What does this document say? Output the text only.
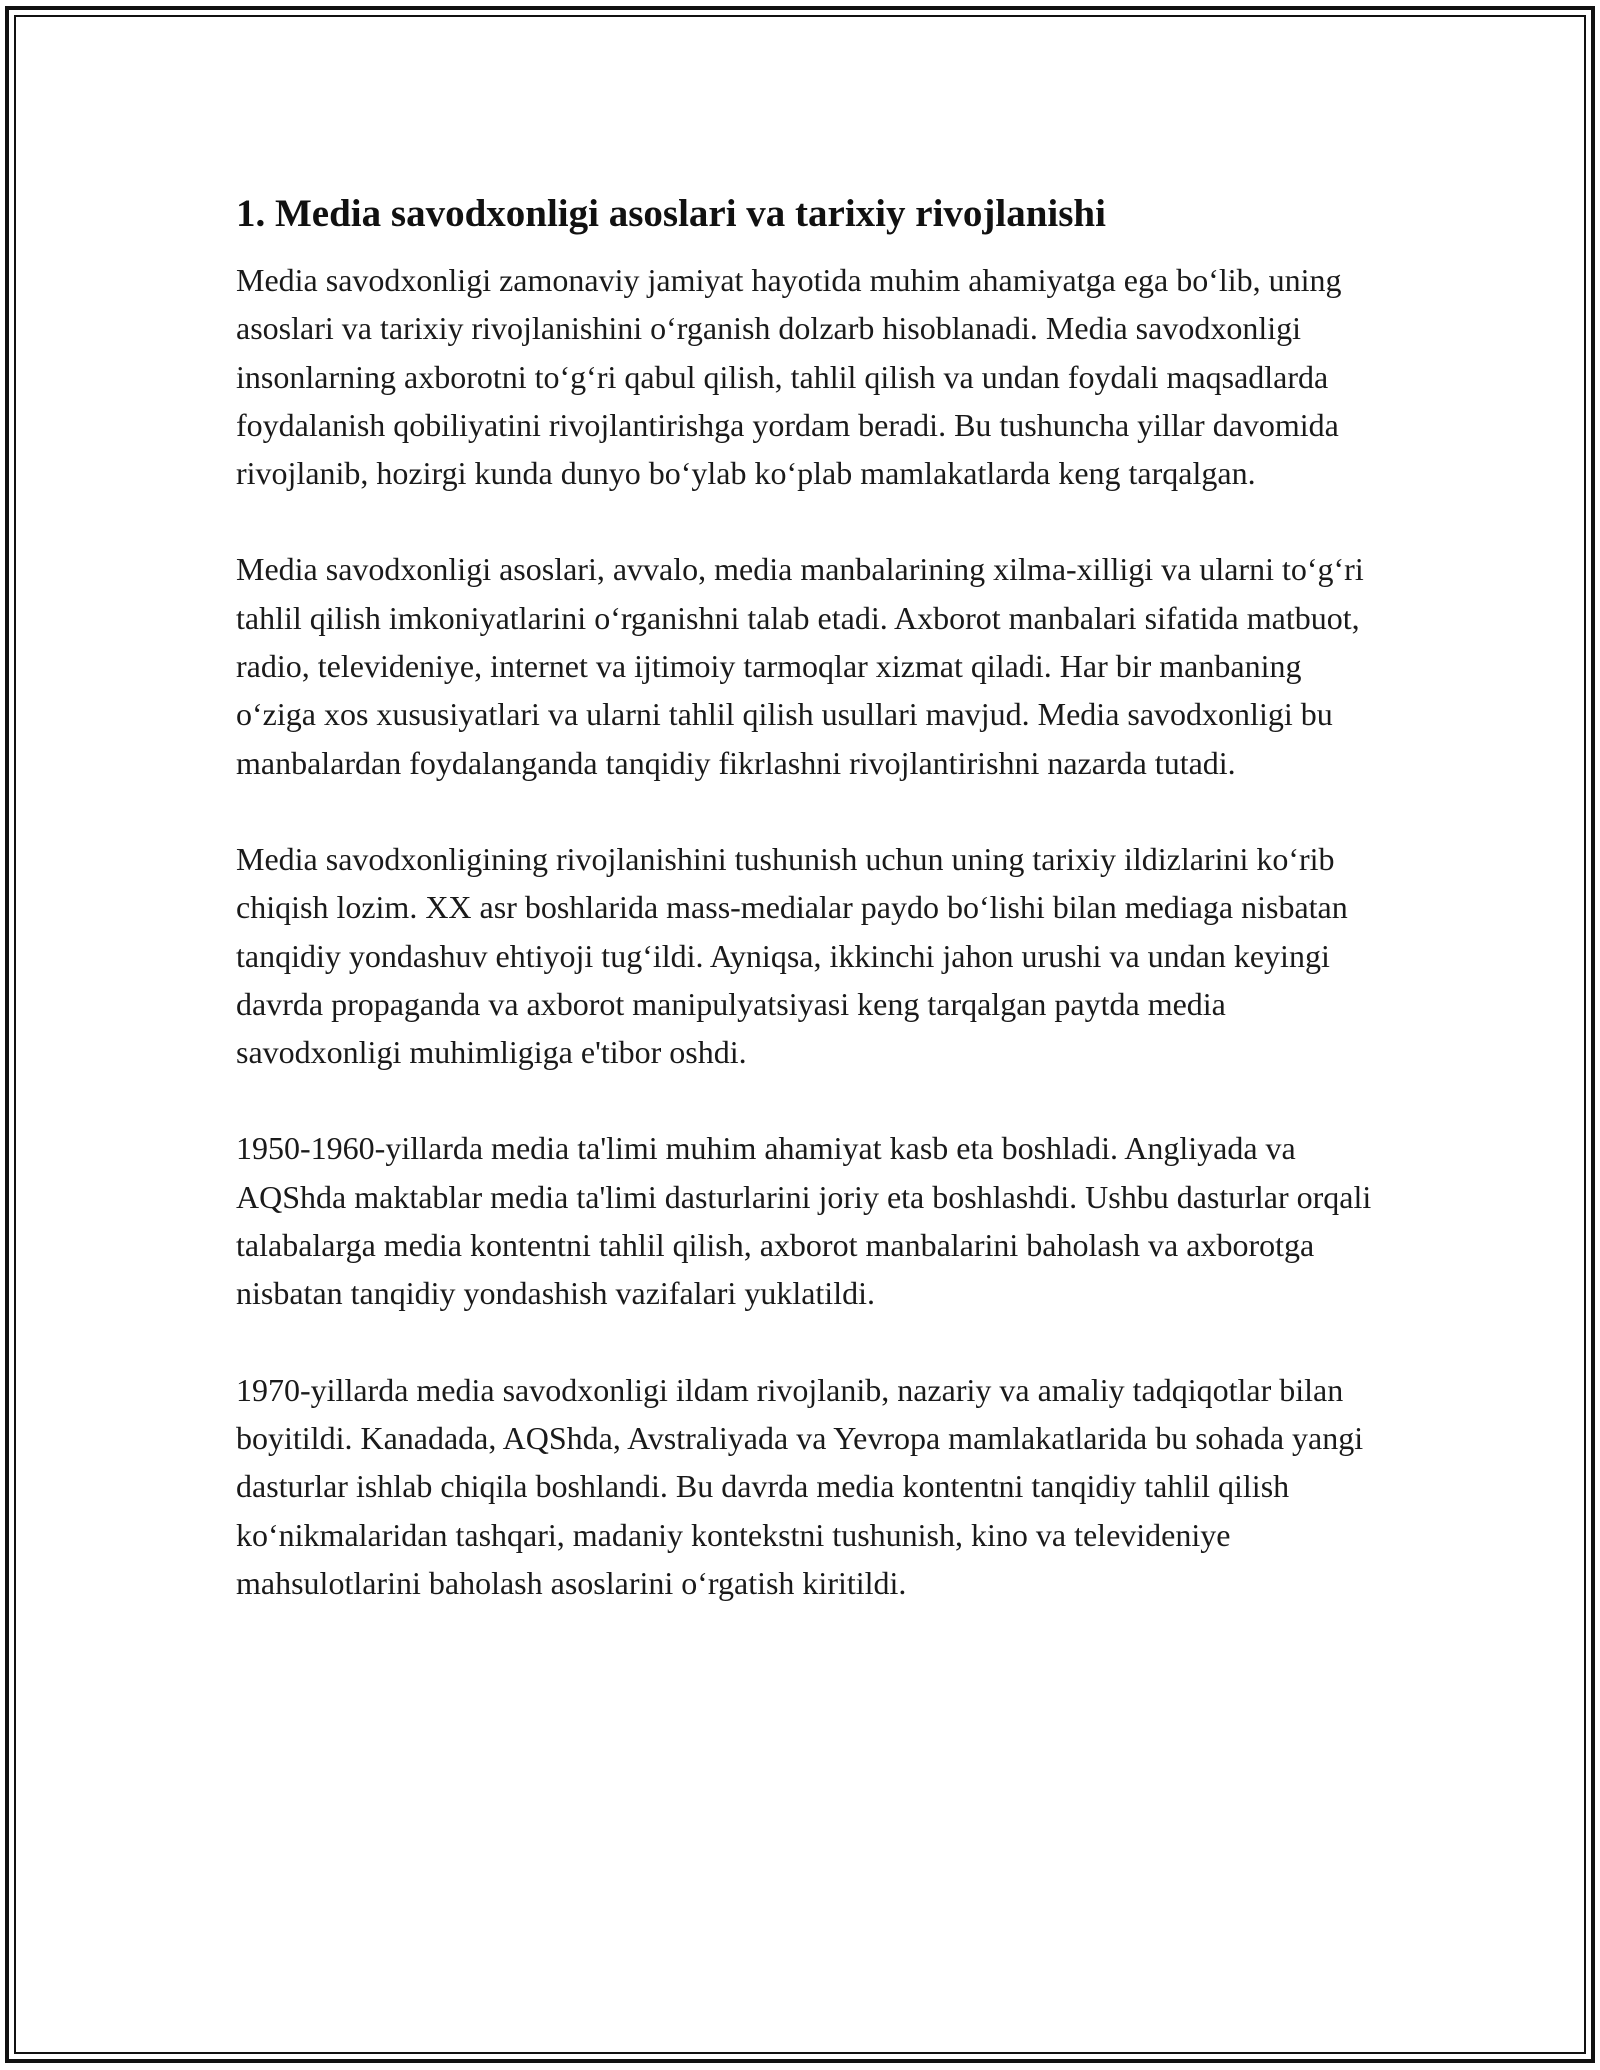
1. Media savodxonligi asoslari va tarixiy rivojlanishi

Media savodxonligi zamonaviy jamiyat hayotida muhim ahamiyatga ega bo‘lib, uning asoslari va tarixiy rivojlanishini o‘rganish dolzarb hisoblanadi. Media savodxonligi insonlarning axborotni to‘g‘ri qabul qilish, tahlil qilish va undan foydali maqsadlarda foydalanish qobiliyatini rivojlantirishga yordam beradi. Bu tushuncha yillar davomida rivojlanib, hozirgi kunda dunyo bo‘ylab ko‘plab mamlakatlarda keng tarqalgan.

Media savodxonligi asoslari, avvalo, media manbalarining xilma-xilligi va ularni to‘g‘ri tahlil qilish imkoniyatlarini o‘rganishni talab etadi. Axborot manbalari sifatida matbuot, radio, televideniye, internet va ijtimoiy tarmoqlar xizmat qiladi. Har bir manbaning o‘ziga xos xususiyatlari va ularni tahlil qilish usullari mavjud. Media savodxonligi bu manbalardan foydalanganda tanqidiy fikrlashni rivojlantirishni nazarda tutadi.

Media savodxonligining rivojlanishini tushunish uchun uning tarixiy ildizlarini ko‘rib chiqish lozim. XX asr boshlarida mass-medialar paydo bo‘lishi bilan mediaga nisbatan tanqidiy yondashuv ehtiyoji tug‘ildi. Ayniqsa, ikkinchi jahon urushi va undan keyingi davrda propaganda va axborot manipulyatsiyasi keng tarqalgan paytda media savodxonligi muhimligiga e'tibor oshdi.

1950-1960-yillarda media ta'limi muhim ahamiyat kasb eta boshladi. Angliyada va AQShda maktablar media ta'limi dasturlarini joriy eta boshlashdi. Ushbu dasturlar orqali talabalarga media kontentni tahlil qilish, axborot manbalarini baholash va axborotga nisbatan tanqidiy yondashish vazifalari yuklatildi.

1970-yillarda media savodxonligi ildam rivojlanib, nazariy va amaliy tadqiqotlar bilan boyitildi. Kanadada, AQShda, Avstraliyada va Yevropa mamlakatlarida bu sohada yangi dasturlar ishlab chiqila boshlandi. Bu davrda media kontentni tanqidiy tahlil qilish ko‘nikmalaridan tashqari, madaniy kontekstni tushunish, kino va televideniye mahsulotlarini baholash asoslarini o‘rgatish kiritildi.
